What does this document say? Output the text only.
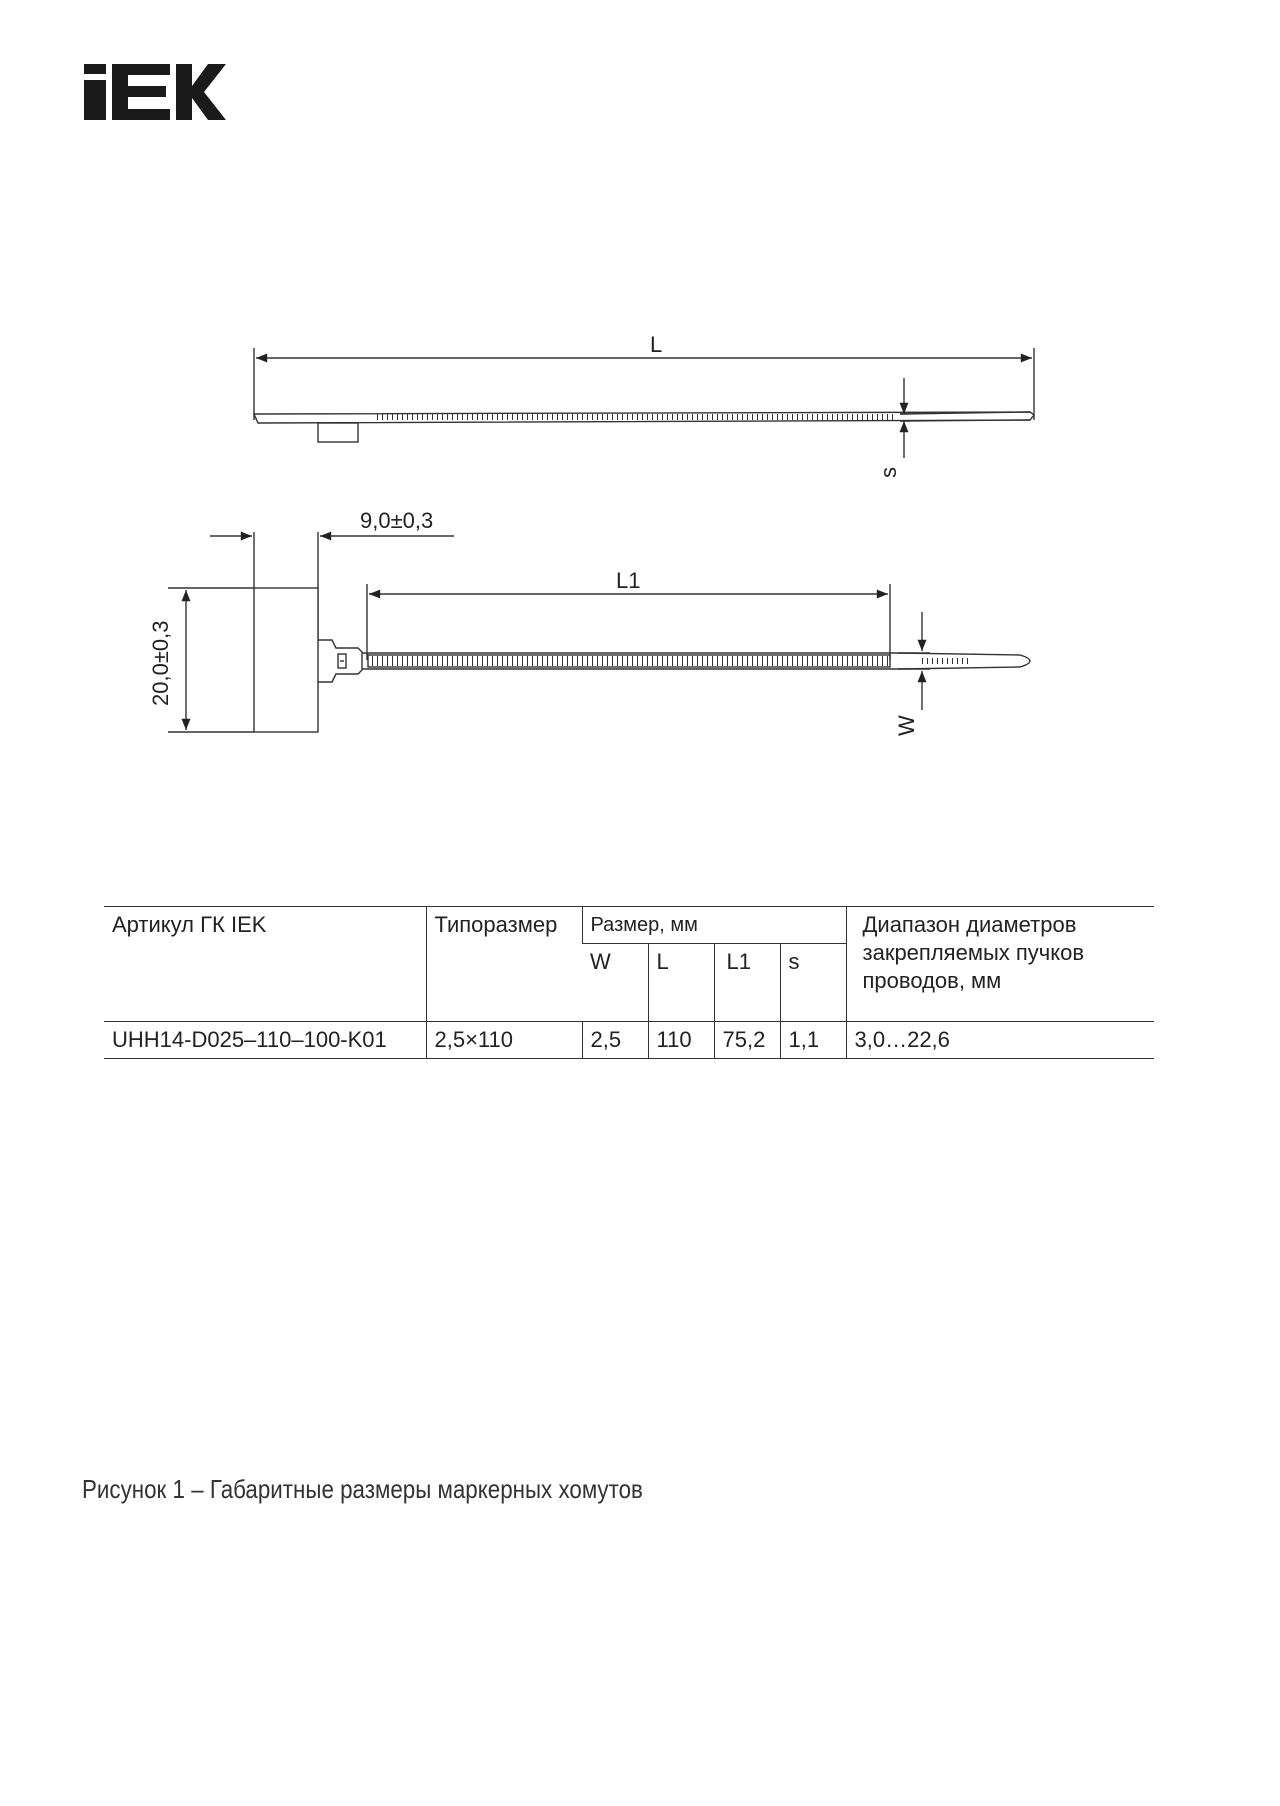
L
s
9,0±0,3
L1
20,0±0,3
W
Артикул ГК IEK	Типоразмер	Размер, мм				Диапазон диаметров закрепляемых пучков проводов, мм
		W	L	L1	s	
UHH14-D025–110–100-K01	2,5×110	2,5	110	75,2	1,1	3,0…22,6
Рисунок 1 – Габаритные размеры маркерных хомутов
